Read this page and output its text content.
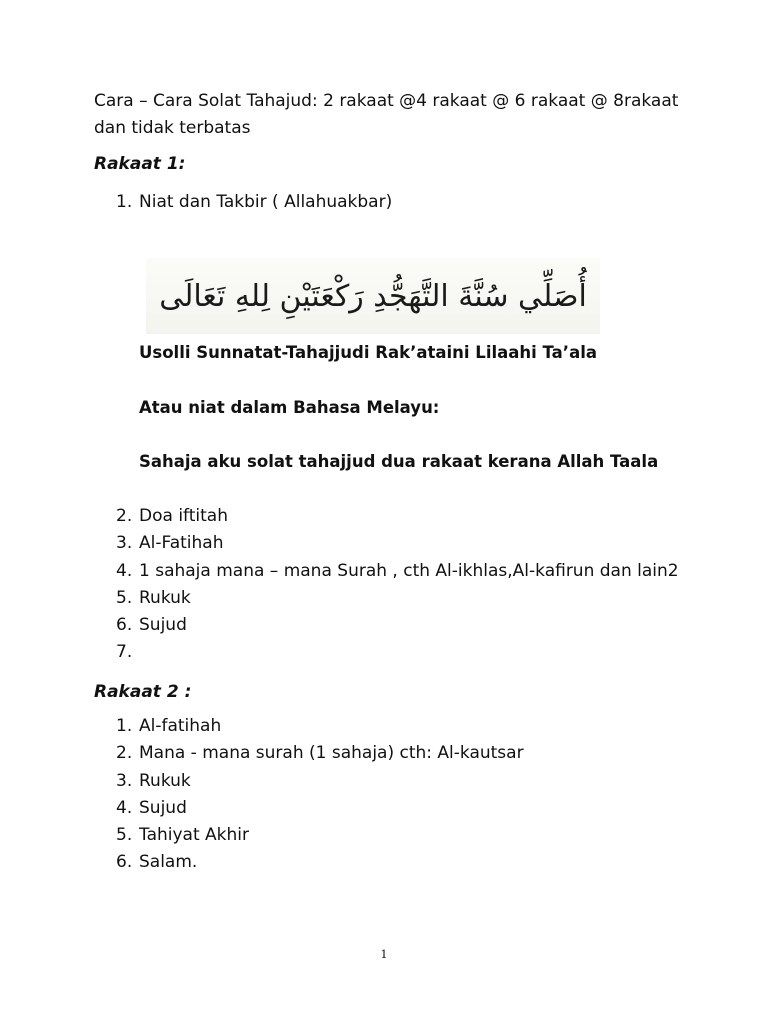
Cara – Cara Solat Tahajud: 2 rakaat @4 rakaat @ 6 rakaat @ 8rakaat dan tidak terbatas
Rakaat 1:
1. Niat dan Takbir ( Allahuakbar)
أُصَلِّي سُنَّةَ التَّهَجُّدِ رَكْعَتَيْنِ لِلهِ تَعَالَى
Usolli Sunnatat-Tahajjudi Rak’ataini Lilaahi Ta’ala
Atau niat dalam Bahasa Melayu:
Sahaja aku solat tahajjud dua rakaat kerana Allah Taala
2. Doa iftitah
3. Al-Fatihah
4. 1 sahaja mana – mana Surah , cth Al-ikhlas,Al-kafirun dan lain2
5. Rukuk
6. Sujud
7.
Rakaat 2 :
1. Al-fatihah
2. Mana - mana surah (1 sahaja) cth: Al-kautsar
3. Rukuk
4. Sujud
5. Tahiyat Akhir
6. Salam.
1
